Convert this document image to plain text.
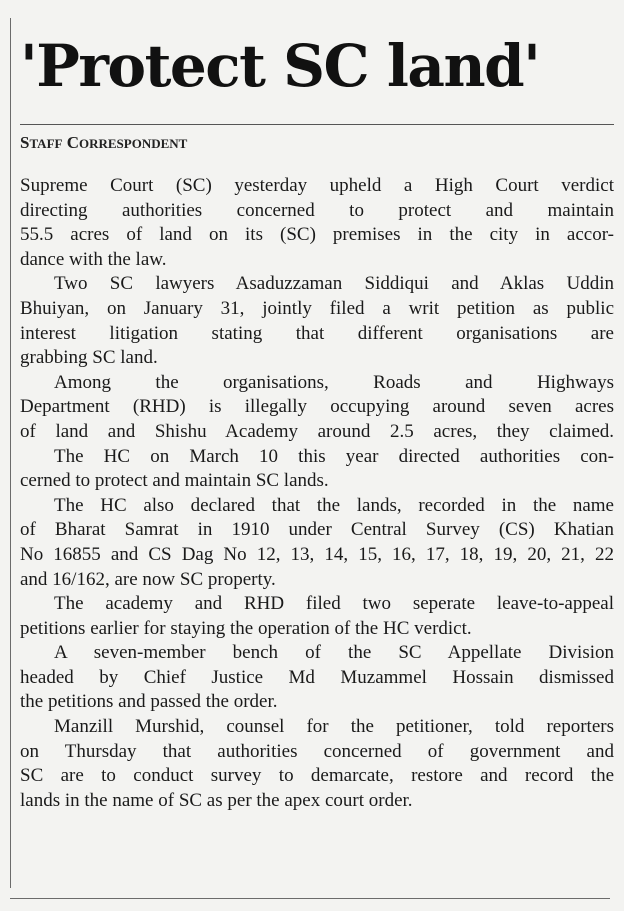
'Protect SC land'
STAFF CORRESPONDENT
Supreme Court (SC) yesterday upheld a High Court verdict
directing authorities concerned to protect and maintain
55.5 acres of land on its (SC) premises in the city in accor-
dance with the law.
Two SC lawyers Asaduzzaman Siddiqui and Aklas Uddin
Bhuiyan, on January 31, jointly filed a writ petition as public
interest litigation stating that different organisations are
grabbing SC land.
Among the organisations, Roads and Highways
Department (RHD) is illegally occupying around seven acres
of land and Shishu Academy around 2.5 acres, they claimed.
The HC on March 10 this year directed authorities con-
cerned to protect and maintain SC lands.
The HC also declared that the lands, recorded in the name
of Bharat Samrat in 1910 under Central Survey (CS) Khatian
No 16855 and CS Dag No 12, 13, 14, 15, 16, 17, 18, 19, 20, 21, 22
and 16/162, are now SC property.
The academy and RHD filed two seperate leave-to-appeal
petitions earlier for staying the operation of the HC verdict.
A seven-member bench of the SC Appellate Division
headed by Chief Justice Md Muzammel Hossain dismissed
the petitions and passed the order.
Manzill Murshid, counsel for the petitioner, told reporters
on Thursday that authorities concerned of government and
SC are to conduct survey to demarcate, restore and record the
lands in the name of SC as per the apex court order.
